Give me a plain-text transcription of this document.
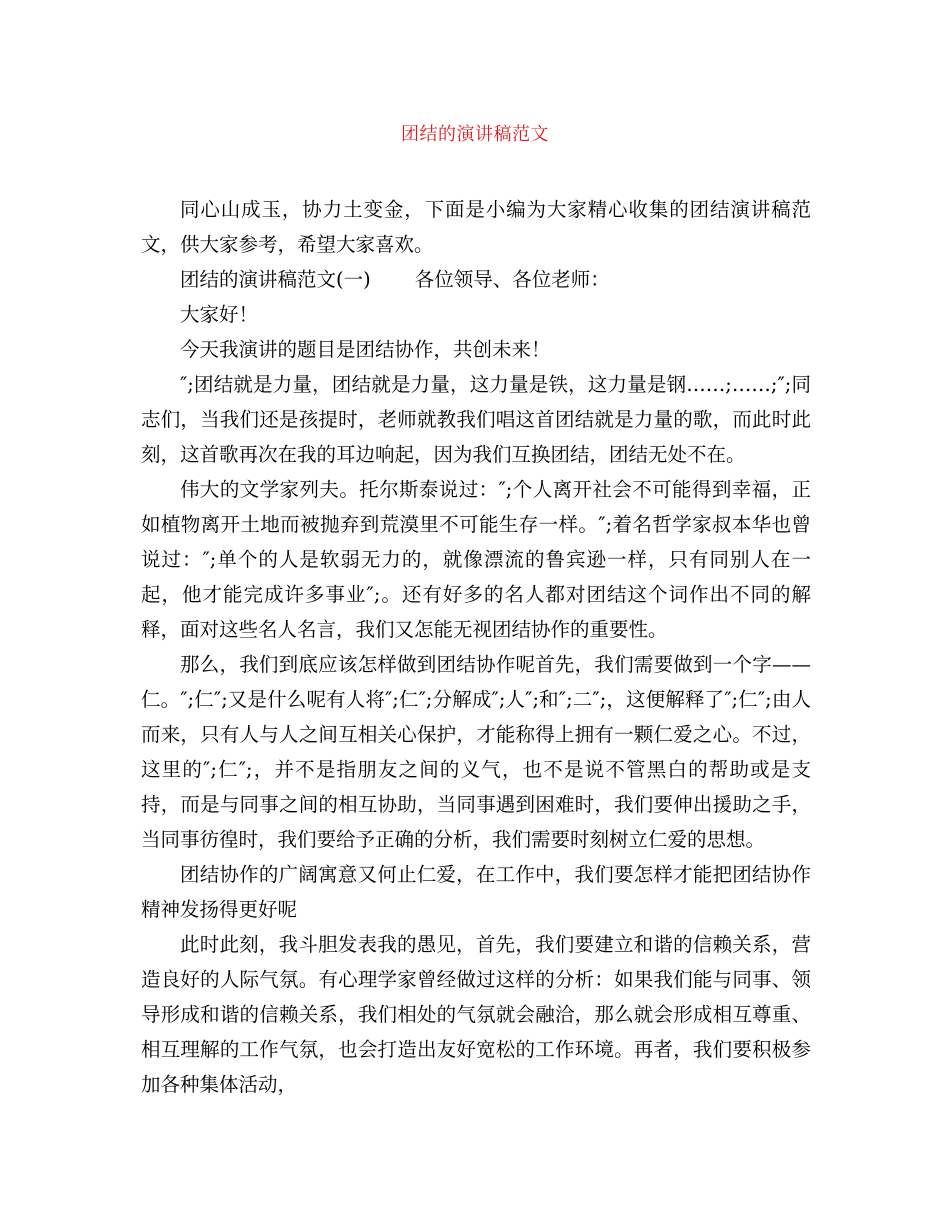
团结的演讲稿范文

同心山成玉，协力土变金，下面是小编为大家精心收集的团结演讲稿范文，供大家参考，希望大家喜欢。

团结的演讲稿范文(一) 各位领导、各位老师：

大家好！

今天我演讲的题目是团结协作，共创未来！

″;团结就是力量，团结就是力量，这力量是铁，这力量是钢……;……;″;同志们，当我们还是孩提时，老师就教我们唱这首团结就是力量的歌，而此时此刻，这首歌再次在我的耳边响起，因为我们互换团结，团结无处不在。

伟大的文学家列夫。托尔斯泰说过：″;个人离开社会不可能得到幸福，正如植物离开土地而被抛弃到荒漠里不可能生存一样。″;着名哲学家叔本华也曾说过：″;单个的人是软弱无力的，就像漂流的鲁宾逊一样，只有同别人在一起，他才能完成许多事业″;。还有好多的名人都对团结这个词作出不同的解释，面对这些名人名言，我们又怎能无视团结协作的重要性。

那么，我们到底应该怎样做到团结协作呢首先，我们需要做到一个字——仁。″;仁″;又是什么呢有人将″;仁″;分解成″;人″;和″;二″;，这便解释了″;仁″;由人而来，只有人与人之间互相关心保护，才能称得上拥有一颗仁爱之心。不过，这里的″;仁″;，并不是指朋友之间的义气，也不是说不管黑白的帮助或是支持，而是与同事之间的相互协助，当同事遇到困难时，我们要伸出援助之手，当同事彷徨时，我们要给予正确的分析，我们需要时刻树立仁爱的思想。

团结协作的广阔寓意又何止仁爱，在工作中，我们要怎样才能把团结协作精神发扬得更好呢

此时此刻，我斗胆发表我的愚见，首先，我们要建立和谐的信赖关系，营造良好的人际气氛。有心理学家曾经做过这样的分析：如果我们能与同事、领导形成和谐的信赖关系，我们相处的气氛就会融洽，那么就会形成相互尊重、相互理解的工作气氛，也会打造出友好宽松的工作环境。再者，我们要积极参加各种集体活动，
